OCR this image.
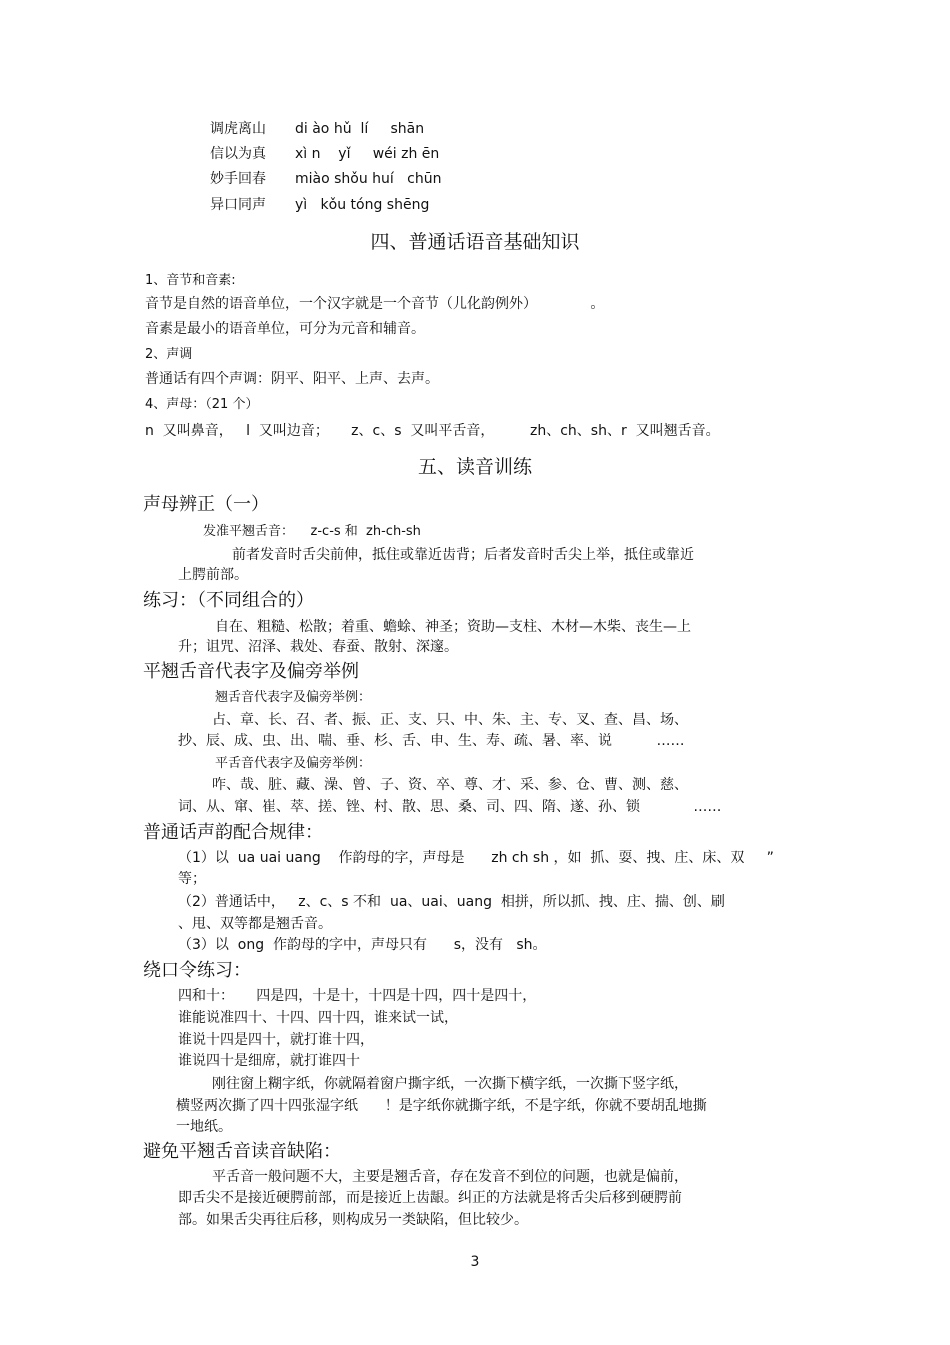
调虎离山 di ào hǔ  lí     shān
信以为真 xì n    yǐ     wéi zh ēn
妙手回春 miào shǒu huí   chūn
异口同声 yì   kǒu tóng shēng
四、普通话语音基础知识
1、音节和音素:
音节是自然的语音单位，一个汉字就是一个音节（儿化韵例外）            。
音素是最小的语音单位，可分为元音和辅音。
2、声调
普通话有四个声调：阴平、阳平、上声、去声。
4、声母：（21 个）
n  又叫鼻音，   l  又叫边音；     z、c、s  又叫平舌音，        zh、ch、sh、r  又叫翘舌音。
五、读音训练
声母辨正（一）
发准平翘舌音：    z-c-s 和  zh-ch-sh
前者发音时舌尖前伸，抵住或靠近齿背；后者发音时舌尖上举，抵住或靠近
上腭前部。
练习：（不同组合的）
自在、粗糙、松散；着重、蟾蜍、神圣；资助—支柱、木材—木柴、丧生—上
升；诅咒、沼泽、栽处、春蚕、散射、深邃。
平翘舌音代表字及偏旁举例
翘舌音代表字及偏旁举例：
占、章、长、召、者、振、正、支、只、中、朱、主、专、叉、查、昌、场、
抄、辰、成、虫、出、喘、垂、杉、舌、申、生、寿、疏、暑、率、说          ……
平舌音代表字及偏旁举例：
咋、哉、脏、藏、澡、曾、子、资、卒、尊、才、采、参、仓、曹、测、慈、
词、从、窜、崔、萃、搓、锉、村、散、思、桑、司、四、隋、遂、孙、锁            ……
普通话声韵配合规律：
（1）以  ua uai uang    作韵母的字，声母是      zh ch sh ，如  抓、耍、拽、庄、床、双     ”
等；
（2）普通话中，   z、c、s 不和  ua、uai、uang  相拼，所以抓、拽、庄、揣、创、刷
、甩、双等都是翘舌音。
（3）以  ong  作韵母的字中，声母只有      s，没有   sh。
绕口令练习：
四和十：     四是四，十是十，十四是十四，四十是四十，
谁能说准四十、十四、四十四，谁来试一试，
谁说十四是四十，就打谁十四，
谁说四十是细席，就打谁四十
刚往窗上糊字纸，你就隔着窗户撕字纸，一次撕下横字纸，一次撕下竖字纸，
横竖两次撕了四十四张湿字纸      ！是字纸你就撕字纸，不是字纸，你就不要胡乱地撕
一地纸。
避免平翘舌音读音缺陷：
平舌音一般问题不大，主要是翘舌音，存在发音不到位的问题，也就是偏前，
即舌尖不是接近硬腭前部，而是接近上齿龈。纠正的方法就是将舌尖后移到硬腭前
部。如果舌尖再往后移，则构成另一类缺陷，但比较少。
3
